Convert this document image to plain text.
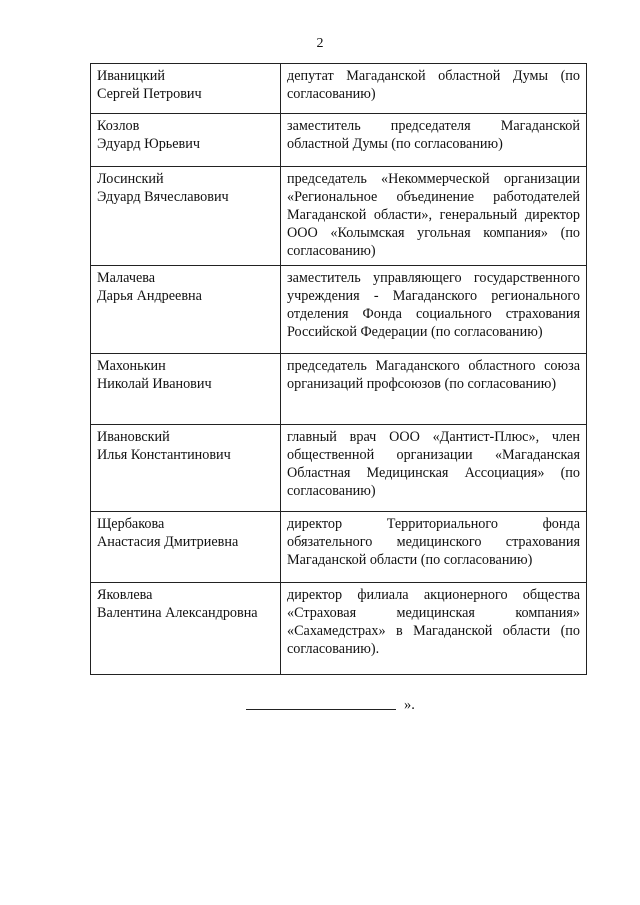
2
Иваницкий
Сергей Петрович	депутат Магаданской областной Думы (по согласованию)

Козлов
Эдуард Юрьевич	заместитель председателя Магаданской областной Думы (по согласованию)

Лосинский
Эдуард Вячеславович	председатель «Некоммерческой организации «Региональное объединение работодателей Магаданской области», генеральный директор ООО «Колымская угольная компания» (по согласованию)

Малачева
Дарья Андреевна	заместитель управляющего государственного учреждения - Магаданского регионального отделения Фонда социального страхования Российской Федерации (по согласованию)

Махонькин
Николай Иванович	председатель Магаданского областного союза организаций профсоюзов (по согласованию)

Ивановский
Илья Константинович	главный врач ООО «Дантист-Плюс», член общественной организации «Магаданская Областная Медицинская Ассоциация» (по согласованию)

Щербакова
Анастасия Дмитриевна	директор Территориального фонда обязательного медицинского страхования Магаданской области (по согласованию)

Яковлева
Валентина Александровна	директор филиала акционерного общества «Страховая медицинская компания» «Сахамедстрах» в Магаданской области (по согласованию).
».
